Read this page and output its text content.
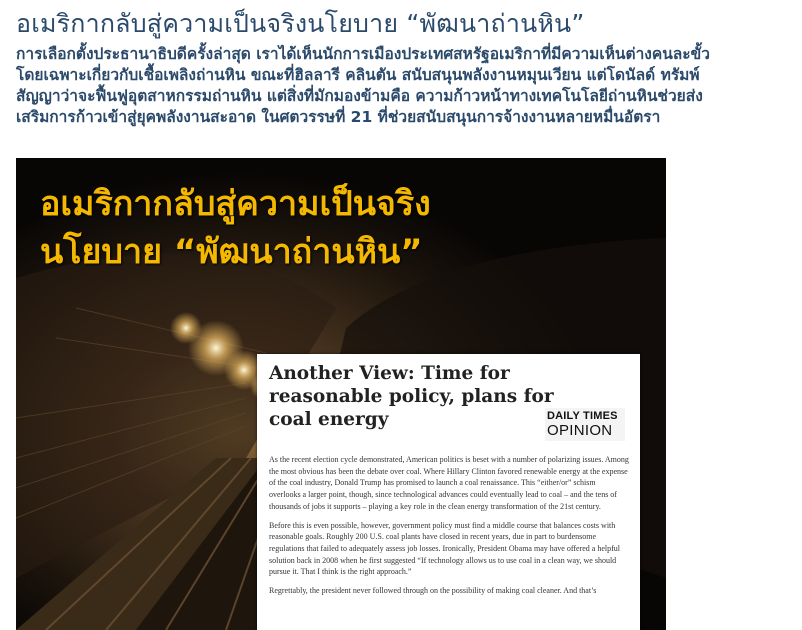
อเมริกากลับสู่ความเป็นจริงนโยบาย “พัฒนาถ่านหิน”
การเลือกตั้งประธานาธิบดีครั้งล่าสุด เราได้เห็นนักการเมืองประเทศสหรัฐอเมริกาที่มีความเห็นต่างคนละขั้ว
โดยเฉพาะเกี่ยวกับเชื้อเพลิงถ่านหิน ขณะที่ฮิลลารี คลินตัน สนับสนุนพลังงานหมุนเวียน แต่โดนัลด์ ทรัมพ์
สัญญาว่าจะฟื้นฟูอุตสาหกรรมถ่านหิน แต่สิ่งที่มักมองข้ามคือ ความก้าวหน้าทางเทคโนโลยีถ่านหินช่วยส่ง
เสริมการก้าวเข้าสู่ยุคพลังงานสะอาด ในศตวรรษที่ 21 ที่ช่วยสนับสนุนการจ้างงานหลายหมื่นอัตรา
อเมริกากลับสู่ความเป็นจริง
นโยบาย “พัฒนาถ่านหิน”
Another View: Time for reasonable policy, plans for coal energy	DAILY TIMES
OPINION

As the recent election cycle demonstrated, American politics is beset with a number of polarizing issues. Among the most obvious has been the debate over coal. Where Hillary Clinton favored renewable energy at the expense of the coal industry, Donald Trump has promised to launch a coal renaissance. This “either/or” schism overlooks a larger point, though, since technological advances could eventually lead to coal – and the tens of thousands of jobs it supports – playing a key role in the clean energy transformation of the 21st century.

Before this is even possible, however, government policy must find a middle course that balances costs with reasonable goals. Roughly 200 U.S. coal plants have closed in recent years, due in part to burdensome regulations that failed to adequately assess job losses. Ironically, President Obama may have offered a helpful solution back in 2008 when he first suggested “If technology allows us to use coal in a clean way, we should pursue it. That I think is the right approach.”

Regrettably, the president never followed through on the possibility of making coal cleaner. And that’s
